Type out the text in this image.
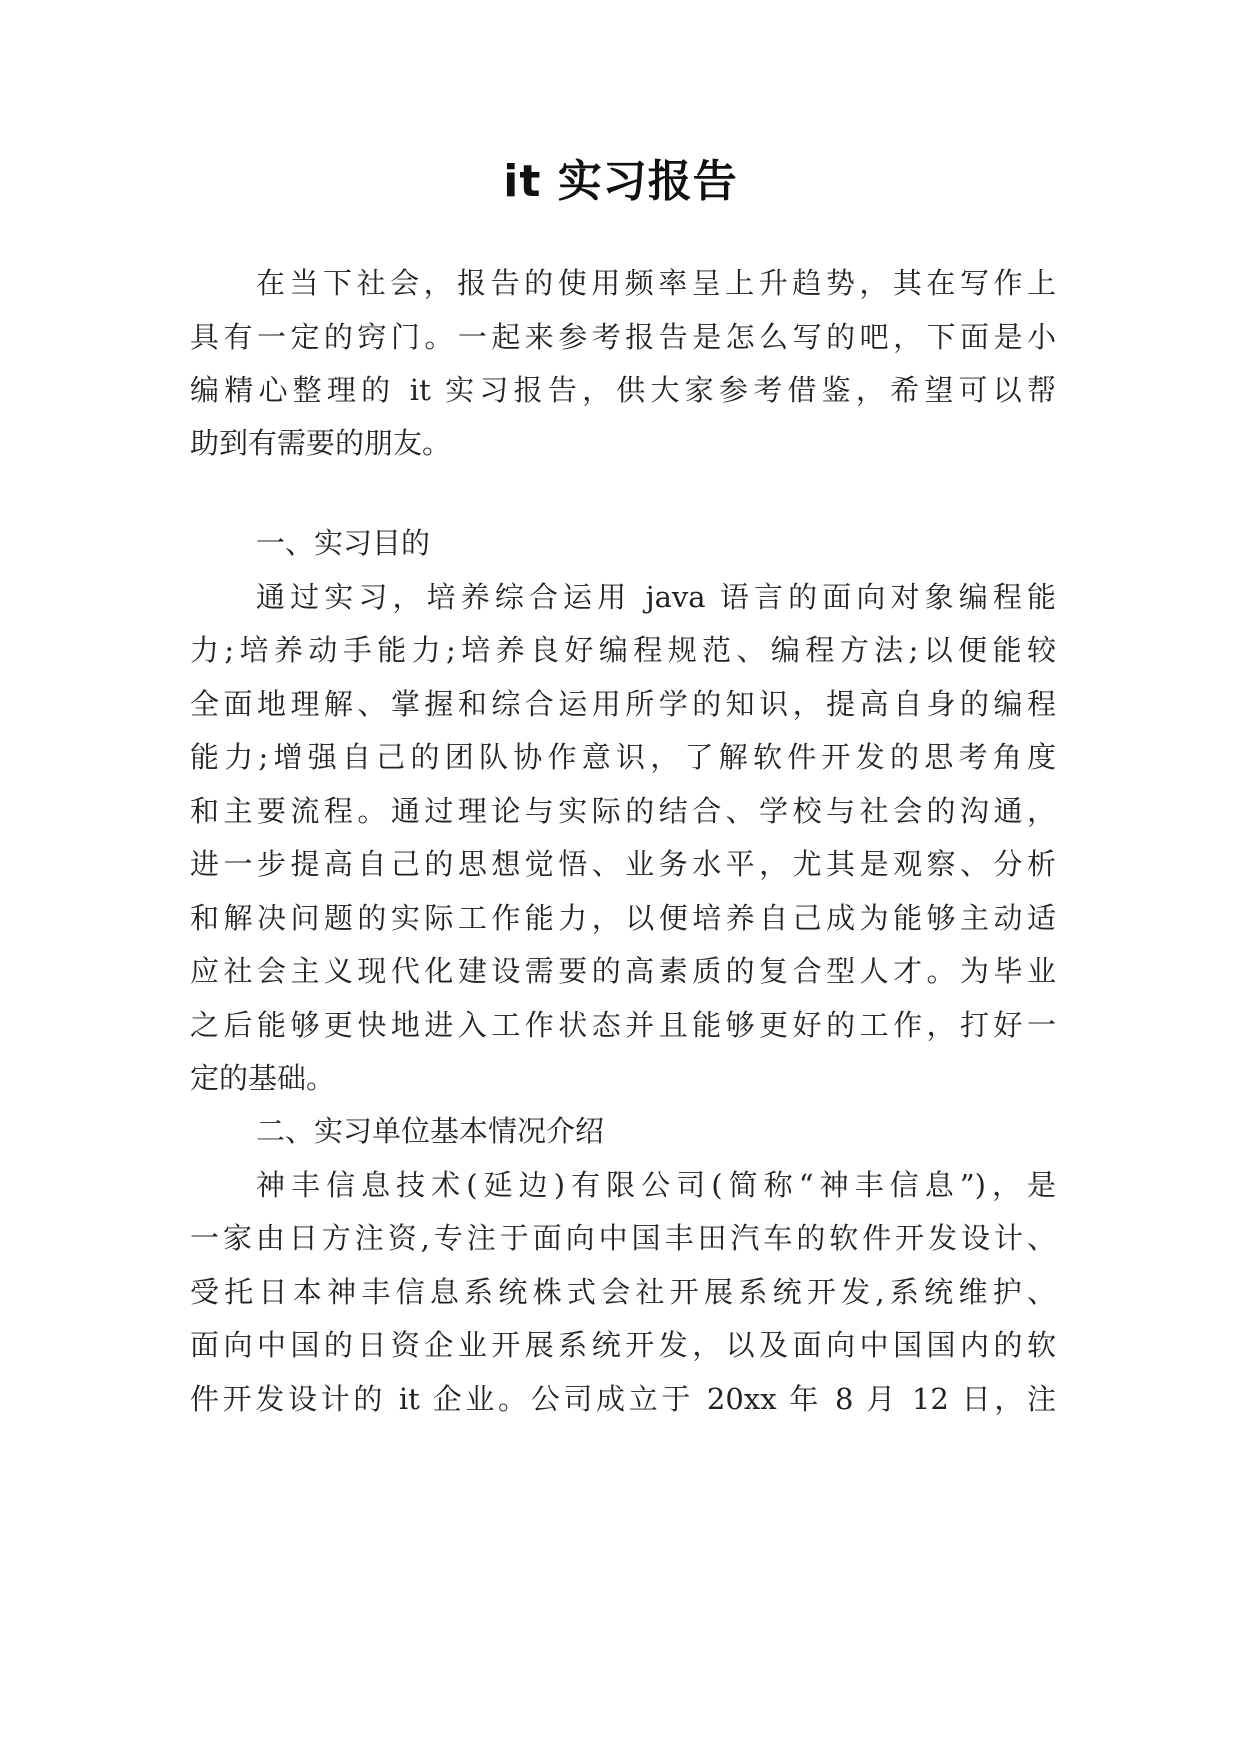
it 实习报告
在当下社会，报告的使用频率呈上升趋势，其在写作上
具有一定的窍门。一起来参考报告是怎么写的吧，下面是小
编精心整理的 it 实习报告，供大家参考借鉴，希望可以帮
助到有需要的朋友。
一、实习目的
通过实习，培养综合运用 java 语言的面向对象编程能
力;培养动手能力;培养良好编程规范、编程方法;以便能较
全面地理解、掌握和综合运用所学的知识，提高自身的编程
能力;增强自己的团队协作意识，了解软件开发的思考角度
和主要流程。通过理论与实际的结合、学校与社会的沟通，
进一步提高自己的思想觉悟、业务水平，尤其是观察、分析
和解决问题的实际工作能力，以便培养自己成为能够主动适
应社会主义现代化建设需要的高素质的复合型人才。为毕业
之后能够更快地进入工作状态并且能够更好的工作，打好一
定的基础。
二、实习单位基本情况介绍
神丰信息技术(延边)有限公司(简称“神丰信息”)，是
一家由日方注资,专注于面向中国丰田汽车的软件开发设计、
受托日本神丰信息系统株式会社开展系统开发,系统维护、
面向中国的日资企业开展系统开发，以及面向中国国内的软
件开发设计的 it 企业。公司成立于 20xx 年 8 月 12 日，注
